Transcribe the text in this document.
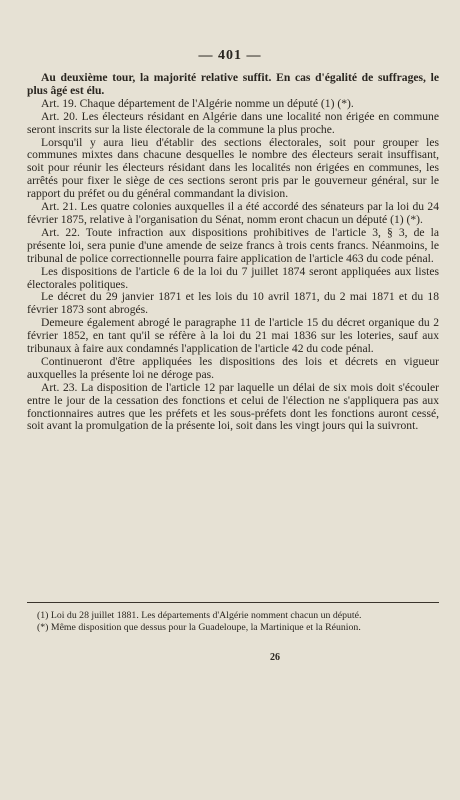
— 401 —

Au deuxième tour, la majorité relative suffit. En cas d'égalité de suffrages, le plus âgé est élu.

Art. 19. Chaque département de l'Algérie nomme un député (1) (*).

Art. 20. Les électeurs résidant en Algérie dans une localité non érigée en commune seront inscrits sur la liste électorale de la commune la plus proche.

Lorsqu'il y aura lieu d'établir des sections électorales, soit pour grouper les communes mixtes dans chacune desquelles le nombre des électeurs serait insuffisant, soit pour réunir les électeurs résidant dans les localités non érigées en communes, les arrêtés pour fixer le siège de ces sections seront pris par le gouverneur général, sur le rapport du préfet ou du général commandant la division.

Art. 21. Les quatre colonies auxquelles il a été accordé des sénateurs par la loi du 24 février 1875, relative à l'organisation du Sénat, nomm eront chacun un député (1) (*).

Art. 22. Toute infraction aux dispositions prohibitives de l'article 3, § 3, de la présente loi, sera punie d'une amende de seize francs à trois cents francs. Néanmoins, le tribunal de police correctionnelle pourra faire application de l'article 463 du code pénal.

Les dispositions de l'article 6 de la loi du 7 juillet 1874 seront appliquées aux listes électorales politiques.

Le décret du 29 janvier 1871 et les lois du 10 avril 1871, du 2 mai 1871 et du 18 février 1873 sont abrogés.

Demeure également abrogé le paragraphe 11 de l'article 15 du décret organique du 2 février 1852, en tant qu'il se réfère à la loi du 21 mai 1836 sur les loteries, sauf aux tribunaux à faire aux condamnés l'application de l'article 42 du code pénal.

Continueront d'être appliquées les dispositions des lois et décrets en vigueur auxquelles la présente loi ne déroge pas.

Art. 23. La disposition de l'article 12 par laquelle un délai de six mois doit s'écouler entre le jour de la cessation des fonctions et celui de l'élection ne s'appliquera pas aux fonctionnaires autres que les préfets et les sous-préfets dont les fonctions auront cessé, soit avant la promulgation de la présente loi, soit dans les vingt jours qui la suivront.

(1) Loi du 28 juillet 1881. Les départements d'Algérie nomment chacun un député.

(*) Même disposition que dessus pour la Guadeloupe, la Martinique et la Réunion.

26
